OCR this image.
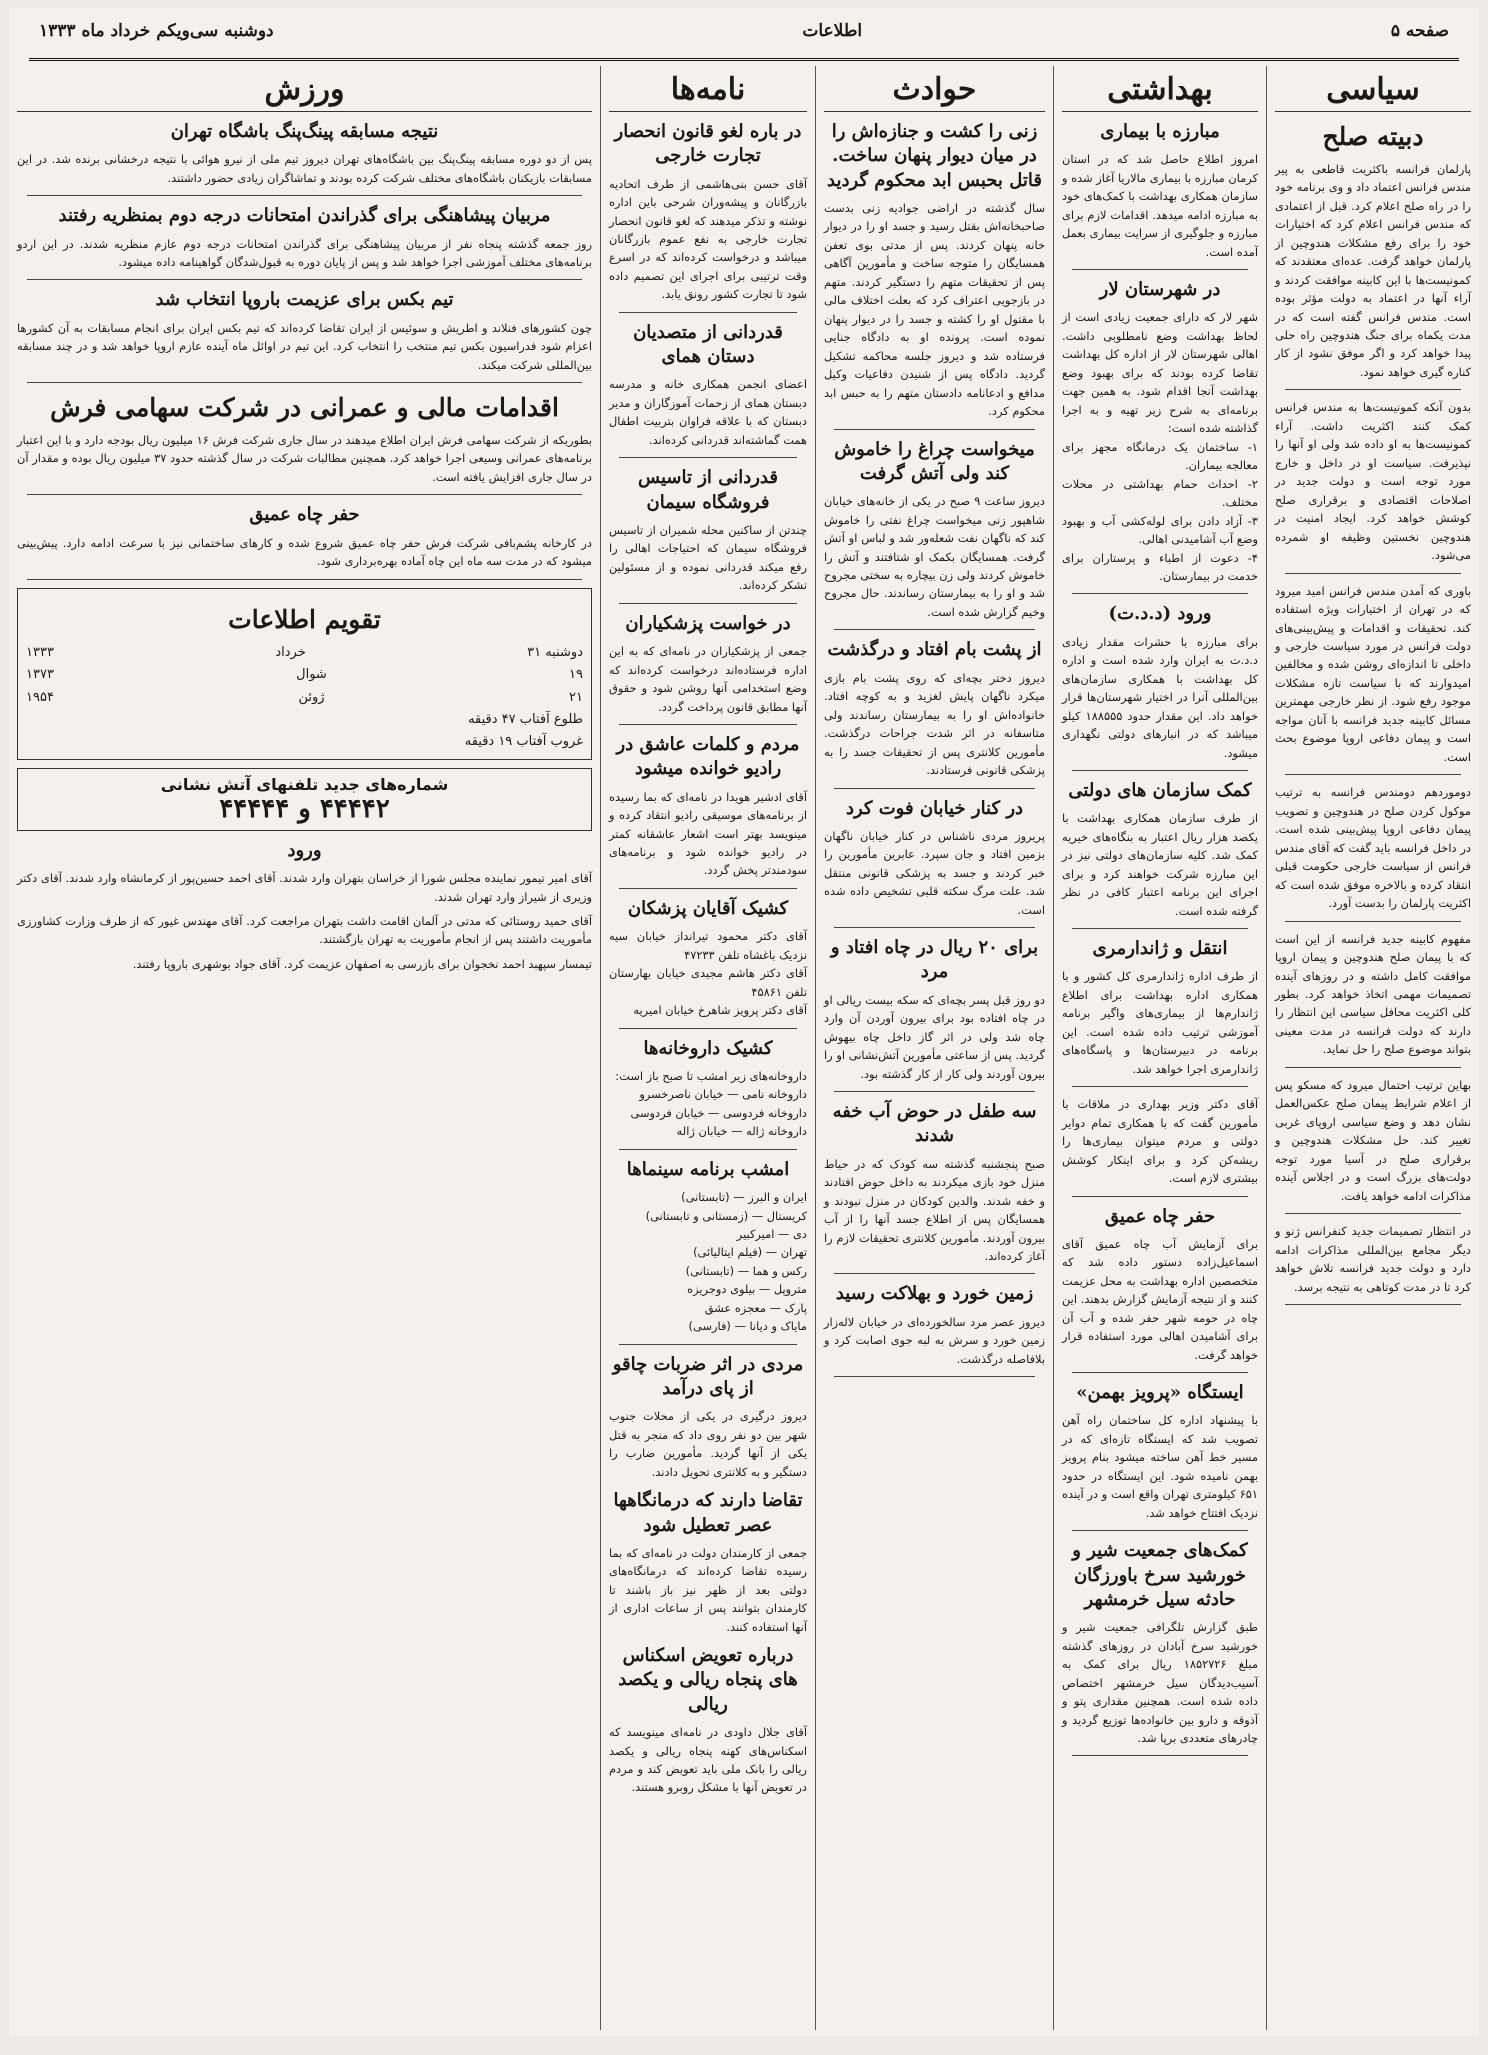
صفحه ۵
اطلاعات
دوشنبه سی‌ویکم خرداد ماه ۱۳۳۳
سیاسی
دبیته صلح
پارلمان فرانسه باکثریت قاطعی به پیر مندس فرانس اعتماد داد و وی برنامه خود را در راه صلح اعلام کرد. قبل از اعتمادی که مندس فرانس اعلام کرد که اختیارات خود را برای رفع مشکلات هندوچین از پارلمان خواهد گرفت. عده‌ای معتقدند که کمونیست‌ها با این کابینه موافقت کردند و آراء آنها در اعتماد به دولت مؤثر بوده است. مندس فرانس گفته است که در مدت یکماه برای جنگ هندوچین راه حلی پیدا خواهد کرد و اگر موفق نشود از کار کناره گیری خواهد نمود.
بدون آنکه کمونیست‌ها به مندس فرانس کمک کنند اکثریت داشت. آراء کمونیست‌ها به او داده شد ولی او آنها را نپذیرفت. سیاست او در داخل و خارج مورد توجه است و دولت جدید در اصلاحات اقتصادی و برقراری صلح کوشش خواهد کرد. ایجاد امنیت در هندوچین نخستین وظیفه او شمرده می‌شود.
باوری که آمدن مندس فرانس امید میرود که در تهران از اختیارات ویژه استفاده کند. تحقیقات و اقدامات و پیش‌بینی‌های دولت فرانس در مورد سیاست خارجی و داخلی تا اندازه‌ای روشن شده و مخالفین امیدوارند که با سیاست تازه مشکلات موجود رفع شود. از نظر خارجی مهمترین مسائل کابینه جدید فرانسه با آنان مواجه است و پیمان دفاعی اروپا موضوع بحث است.
دوموردهم دومندس فرانسه به ترتیب موکول کردن صلح در هندوچین و تصویب پیمان دفاعی اروپا پیش‌بینی شده است. در داخل فرانسه باید گفت که آقای مندس فرانس از سیاست خارجی حکومت قبلی انتقاد کرده و بالاخره موفق شده است که اکثریت پارلمان را بدست آورد.
مفهوم کابینه جدید فرانسه از این است که با پیمان صلح هندوچین و پیمان اروپا موافقت کامل داشته و در روزهای آینده تصمیمات مهمی اتخاذ خواهد کرد. بطور کلی اکثریت محافل سیاسی این انتظار را دارند که دولت فرانسه در مدت معینی بتواند موضوع صلح را حل نماید.
بهاین ترتیب احتمال میرود که مسکو پس از اعلام شرایط پیمان صلح عکس‌العمل نشان دهد و وضع سیاسی اروپای غربی تغییر کند. حل مشکلات هندوچین و برقراری صلح در آسیا مورد توجه دولت‌های بزرگ است و در اجلاس آینده مذاکرات ادامه خواهد یافت.
در انتظار تصمیمات جدید کنفرانس ژنو و دیگر مجامع بین‌المللی مذاکرات ادامه دارد و دولت جدید فرانسه تلاش خواهد کرد تا در مدت کوتاهی به نتیجه برسد.
بهداشتی
مبارزه با بیماری
امروز اطلاع حاصل شد که در استان کرمان مبارزه با بیماری مالاریا آغاز شده و سازمان همکاری بهداشت با کمک‌های خود به مبارزه ادامه میدهد. اقدامات لازم برای مبارزه و جلوگیری از سرایت بیماری بعمل آمده است.
در شهرستان لار
شهر لار که دارای جمعیت زیادی است از لحاظ بهداشت وضع نامطلوبی داشت. اهالی شهرستان لار از اداره کل بهداشت تقاضا کرده بودند که برای بهبود وضع بهداشت آنجا اقدام شود. به همین جهت برنامه‌ای به شرح زیر تهیه و به اجرا گذاشته شده است:
۱- ساختمان یک درمانگاه مجهز برای معالجه بیماران.
۲- احداث حمام بهداشتی در محلات مختلف.
۳- آزاد دادن برای لوله‌کشی آب و بهبود وضع آب آشامیدنی اهالی.
۴- دعوت از اطباء و پرستاران برای خدمت در بیمارستان.
ورود (د.د.ت)
برای مبارزه با حشرات مقدار زیادی د.د.ت به ایران وارد شده است و اداره کل بهداشت با همکاری سازمان‌های بین‌المللی آنرا در اختیار شهرستان‌ها قرار خواهد داد. این مقدار حدود ۱۸۸۵۵۵ کیلو میباشد که در انبارهای دولتی نگهداری میشود.
کمک سازمان های دولتی
از طرف سازمان همکاری بهداشت با یکصد هزار ریال اعتبار به بنگاه‌های خیریه کمک شد. کلیه سازمان‌های دولتی نیز در این مبارزه شرکت خواهند کرد و برای اجرای این برنامه اعتبار کافی در نظر گرفته شده است.
انتقل و ژاندارمری
از طرف اداره ژاندارمری کل کشور و با همکاری اداره بهداشت برای اطلاع ژاندارم‌ها از بیماری‌های واگیر برنامه آموزشی ترتیب داده شده است. این برنامه در دبیرستان‌ها و پاسگاه‌های ژاندارمری اجرا خواهد شد.
آقای دکتر وزیر بهداری در ملاقات با مأمورین گفت که با همکاری تمام دوایر دولتی و مردم میتوان بیماری‌ها را ریشه‌کن کرد و برای اینکار کوشش بیشتری لازم است.
حفر چاه عمیق
برای آزمایش آب چاه عمیق آقای اسماعیل‌زاده دستور داده شد که متخصصین اداره بهداشت به محل عزیمت کنند و از نتیجه آزمایش گزارش بدهند. این چاه در حومه شهر حفر شده و آب آن برای آشامیدن اهالی مورد استفاده قرار خواهد گرفت.
ایستگاه «پرویز بهمن»
با پیشنهاد اداره کل ساختمان راه آهن تصویب شد که ایستگاه تازه‌ای که در مسیر خط آهن ساخته میشود بنام پرویز بهمن نامیده شود. این ایستگاه در حدود ۶۵۱ کیلومتری تهران واقع است و در آینده نزدیک افتتاح خواهد شد.
کمک‌های جمعیت شیر و خورشید سرخ باورزگان حادثه سیل خرمشهر
طبق گزارش تلگرافی جمعیت شیر و خورشید سرخ آبادان در روزهای گذشته مبلغ ۱۸۵۲۷۲۶ ریال برای کمک به آسیب‌دیدگان سیل خرمشهر اختصاص داده شده است. همچنین مقداری پتو و آذوقه و دارو بین خانواده‌ها توزیع گردید و چادرهای متعددی برپا شد.
حوادث
زنی را کشت و جنازه‌اش را در میان دیوار پنهان ساخت. قاتل بحبس ابد محکوم گردید
سال گذشته در اراضی جوادیه زنی بدست صاحبخانه‌اش بقتل رسید و جسد او را در دیوار خانه پنهان کردند. پس از مدتی بوی تعفن همسایگان را متوجه ساخت و مأمورین آگاهی پس از تحقیقات متهم را دستگیر کردند. متهم در بازجویی اعتراف کرد که بعلت اختلاف مالی با مقتول او را کشته و جسد را در دیوار پنهان نموده است. پرونده او به دادگاه جنایی فرستاده شد و دیروز جلسه محاکمه تشکیل گردید. دادگاه پس از شنیدن دفاعیات وکیل مدافع و ادعانامه دادستان متهم را به حبس ابد محکوم کرد.
میخواست چراغ را خاموش کند ولی آتش گرفت
دیروز ساعت ۹ صبح در یکی از خانه‌های خیابان شاهپور زنی میخواست چراغ نفتی را خاموش کند که ناگهان نفت شعله‌ور شد و لباس او آتش گرفت. همسایگان بکمک او شتافتند و آتش را خاموش کردند ولی زن بیچاره به سختی مجروح شد و او را به بیمارستان رساندند. حال مجروح وخیم گزارش شده است.
از پشت بام افتاد و درگذشت
دیروز دختر بچه‌ای که روی پشت بام بازی میکرد ناگهان پایش لغزید و به کوچه افتاد. خانواده‌اش او را به بیمارستان رساندند ولی متاسفانه در اثر شدت جراحات درگذشت. مأمورین کلانتری پس از تحقیقات جسد را به پزشکی قانونی فرستادند.
در کنار خیابان فوت کرد
پریروز مردی ناشناس در کنار خیابان ناگهان بزمین افتاد و جان سپرد. عابرین مأمورین را خبر کردند و جسد به پزشکی قانونی منتقل شد. علت مرگ سکته قلبی تشخیص داده شده است.
برای ۲۰ ریال در چاه افتاد و مرد
دو روز قبل پسر بچه‌ای که سکه بیست ریالی او در چاه افتاده بود برای بیرون آوردن آن وارد چاه شد ولی در اثر گاز داخل چاه بیهوش گردید. پس از ساعتی مأمورین آتش‌نشانی او را بیرون آوردند ولی کار از کار گذشته بود.
سه طفل در حوض آب خفه شدند
صبح پنجشنبه گذشته سه کودک که در حیاط منزل خود بازی میکردند به داخل حوض افتادند و خفه شدند. والدین کودکان در منزل نبودند و همسایگان پس از اطلاع جسد آنها را از آب بیرون آوردند. مأمورین کلانتری تحقیقات لازم را آغاز کرده‌اند.
زمین خورد و بهلاکت رسید
دیروز عصر مرد سالخورده‌ای در خیابان لاله‌زار زمین خورد و سرش به لبه جوی اصابت کرد و بلافاصله درگذشت.
نامه‌ها
در باره لغو قانون انحصار تجارت خارجی
آقای حسن بنی‌هاشمی از طرف اتحادیه بازرگانان و پیشه‌وران شرحی باین اداره نوشته و تذکر میدهند که لغو قانون انحصار تجارت خارجی به نفع عموم بازرگانان میباشد و درخواست کرده‌اند که در اسرع وقت ترتیبی برای اجرای این تصمیم داده شود تا تجارت کشور رونق یابد.
قدردانی از متصدیان دستان همای
اعضای انجمن همکاری خانه و مدرسه دبستان همای از زحمات آموزگاران و مدیر دبستان که با علاقه فراوان بتربیت اطفال همت گماشته‌اند قدردانی کرده‌اند.
قدردانی از تاسیس فروشگاه سیمان
چندتن از ساکنین محله شمیران از تاسیس فروشگاه سیمان که احتیاجات اهالی را رفع میکند قدردانی نموده و از مسئولین تشکر کرده‌اند.
در خواست پزشکیاران
جمعی از پزشکیاران در نامه‌ای که به این اداره فرستاده‌اند درخواست کرده‌اند که وضع استخدامی آنها روشن شود و حقوق آنها مطابق قانون پرداخت گردد.
مردم و کلمات عاشق در رادیو خوانده میشود
آقای ادشیر هویدا در نامه‌ای که بما رسیده از برنامه‌های موسیقی رادیو انتقاد کرده و مینویسد بهتر است اشعار عاشقانه کمتر در رادیو خوانده شود و برنامه‌های سودمندتر پخش گردد.
کشیک آقایان پزشکان
آقای دکتر محمود تیرانداز خیابان سیه نزدیک باغشاه تلفن ۴۷۲۳۳
آقای دکتر هاشم مجیدی خیابان بهارستان تلفن ۴۵۸۶۱
آقای دکتر پرویز شاهرخ خیابان امیریه
کشیک داروخانه‌ها
داروخانه‌های زیر امشب تا صبح باز است:
داروخانه نامی — خیابان ناصرخسرو
داروخانه فردوسی — خیابان فردوسی
داروخانه ژاله — خیابان ژاله
امشب برنامه سینماها
ایران و البرز — (تابستانی)
کریستال — (زمستانی و تابستانی)
دی — امیرکبیر
تهران — (فیلم ایتالیائی)
رکس و هما — (تابستانی)
متروپل — بیلوی دوجریزه
پارک — معجزه عشق
مایاک و دیانا — (فارسی)
مردی در اثر ضربات چاقو از پای درآمد
دیروز درگیری در یکی از محلات جنوب شهر بین دو نفر روی داد که منجر به قتل یکی از آنها گردید. مأمورین ضارب را دستگیر و به کلانتری تحویل دادند.
تقاضا دارند که درمانگاهها عصر تعطیل شود
جمعی از کارمندان دولت در نامه‌ای که بما رسیده تقاضا کرده‌اند که درمانگاه‌های دولتی بعد از ظهر نیز باز باشند تا کارمندان بتوانند پس از ساعات اداری از آنها استفاده کنند.
درباره تعویض اسکناس های پنجاه ریالی و یکصد ریالی
آقای جلال داودی در نامه‌ای مینویسد که اسکناس‌های کهنه پنجاه ریالی و یکصد ریالی را بانک ملی باید تعویض کند و مردم در تعویض آنها با مشکل روبرو هستند.
ورزش
نتیجه مسابقه پینگ‌پنگ باشگاه تهران
پس از دو دوره مسابقه پینگ‌پنگ بین باشگاه‌های تهران دیروز تیم ملی از نیرو هوائی با نتیجه درخشانی برنده شد. در این مسابقات بازیکنان باشگاه‌های مختلف شرکت کرده بودند و تماشاگران زیادی حضور داشتند.
مربیان پیشاهنگی برای گذراندن امتحانات درجه دوم بمنظریه رفتند
روز جمعه گذشته پنجاه نفر از مربیان پیشاهنگی برای گذراندن امتحانات درجه دوم عازم منظریه شدند. در این اردو برنامه‌های مختلف آموزشی اجرا خواهد شد و پس از پایان دوره به قبول‌شدگان گواهینامه داده میشود.
تیم بکس برای عزیمت باروپا انتخاب شد
چون کشورهای فنلاند و اطریش و سوئیس از ایران تقاضا کرده‌اند که تیم بکس ایران برای انجام مسابقات به آن کشورها اعزام شود فدراسیون بکس تیم منتخب را انتخاب کرد. این تیم در اوائل ماه آینده عازم اروپا خواهد شد و در چند مسابقه بین‌المللی شرکت میکند.
اقدامات مالی و عمرانی در شرکت سهامی فرش
بطوریکه از شرکت سهامی فرش ایران اطلاع میدهند در سال جاری شرکت فرش ۱۶ میلیون ریال بودجه دارد و با این اعتبار برنامه‌های عمرانی وسیعی اجرا خواهد کرد. همچنین مطالبات شرکت در سال گذشته حدود ۳۷ میلیون ریال بوده و مقدار آن در سال جاری افزایش یافته است.
حفر چاه عمیق
در کارخانه پشم‌بافی شرکت فرش حفر چاه عمیق شروع شده و کارهای ساختمانی نیز با سرعت ادامه دارد. پیش‌بینی میشود که در مدت سه ماه این چاه آماده بهره‌برداری شود.
تقویم اطلاعات
دوشنبه ۳۱
خرداد
۱۳۳۳
۱۹
شوال
۱۳۷۳
۲۱
ژوئن
۱۹۵۴
طلوع آفتاب ۴۷ دقیقه
غروب آفتاب ۱۹ دقیقه
شماره‌های جدید تلفنهای آتش نشانی
۴۴۴۴۲ و ۴۴۴۴۴
ورود
آقای امیر تیمور نماینده مجلس شورا از خراسان بتهران وارد شدند. آقای احمد حسین‌پور از کرمانشاه وارد شدند. آقای دکتر وزیری از شیراز وارد تهران شدند.
آقای حمید روستائی که مدتی در آلمان اقامت داشت بتهران مراجعت کرد. آقای مهندس غیور که از طرف وزارت کشاورزی مأموریت داشتند پس از انجام مأموریت به تهران بازگشتند.
تیمسار سپهبد احمد نخجوان برای بازرسی به اصفهان عزیمت کرد. آقای جواد بوشهری باروپا رفتند.
